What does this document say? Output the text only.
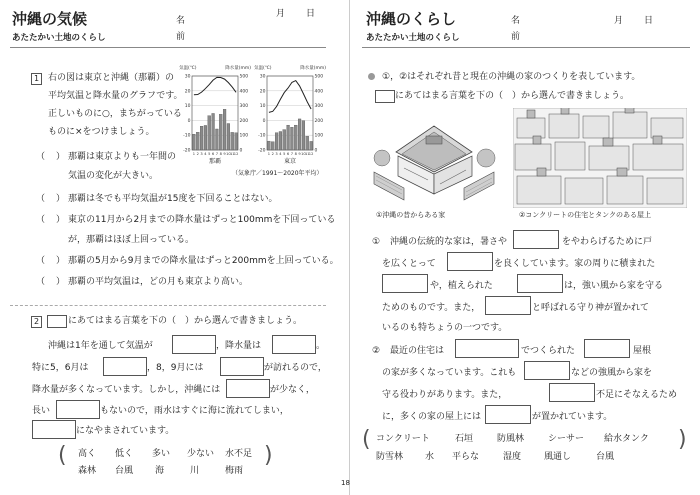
沖縄の気候
あたたかい土地のくらし
名
前
月 日
1 右の図は東京と沖縄（那覇）の
平均気温と降水量のグラフです。
正しいものに○，まちがっている
ものに×をつけましょう。
気温(℃)	降水量(mm)
-20
-10
0
10
20
30
0
100
200
300
400
500
1 2 3 4 5 6 7 8 9 10 11 12
那覇
気温(℃)	降水量(mm)
-20
-10
0
10
20
30
0
100
200
300
400
500
1 2 3 4 5 6 7 8 9 10 11 12
東京
（気象庁／1991〜2020年平均）
（ ） 那覇は東京よりも一年間の
気温の変化が大きい。
（ ） 那覇は冬でも平均気温が15度を下回ることはない。
（ ） 東京の11月から2月までの降水量はずっと100mmを下回っている
が，那覇はほぼ上回っている。
（ ） 那覇の5月から9月までの降水量はずっと200mmを上回っている。
（ ） 那覇の平均気温は，どの月も東京より高い。
2	にあてはまる言葉を下の（　）から選んで書きましょう。
沖縄は1年を通して気温が	，降水量は	。
特に5，6月は	，8，9月には	が訪れるので，
降水量が多くなっています。しかし，沖縄には	が少なく，
長い	もないので，雨水はすぐに海に流れてしまい，
になやまされています。
(	)
高く 低く 多い 少ない 水不足
森林 台風 海	川	梅雨
18
沖縄のくらし
あたたかい土地のくらし
名
前
月 日
①，②はそれぞれ昔と現在の沖縄の家のつくりを表しています。
にあてはまる言葉を下の（　）から選んで書きましょう。
①沖縄の昔からある家	②コンクリートの住宅とタンクのある屋上
① 沖縄の伝統的な家は，暑さや	をやわらげるために戸
を広くとって	を良くしています。家の周りに積まれた
や，植えられた	は，強い風から家を守る
ためのものです。また，	と呼ばれる守り神が置かれて
いるのも特ちょうの一つです。
② 最近の住宅は	でつくられた	屋根
の家が多くなっています。これも	などの強風から家を
守る役わりがあります。また，	不足にそなえるため
に，多くの家の屋上には	が置かれています。
(	)
コンクリート	石垣	防風林	シーサー 給水タンク
防雪林 水 平らな	湿度	風通し	台風
